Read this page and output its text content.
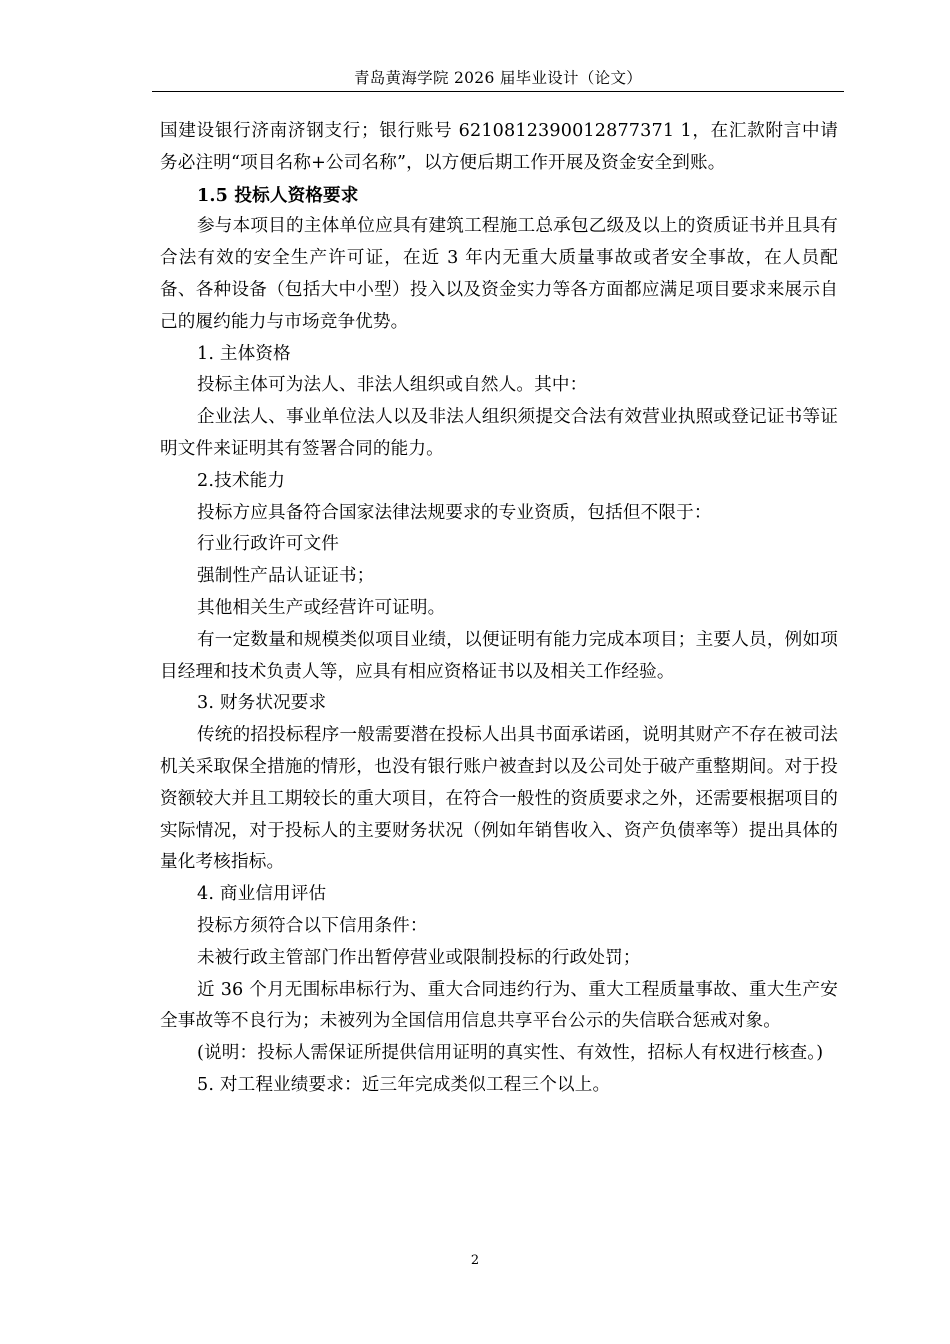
青岛黄海学院 2026 届毕业设计（论文）

国建设银行济南济钢支行；银行账号 6210812390012877371 1，在汇款附言中请务必注明“项目名称+公司名称”，以方便后期工作开展及资金安全到账。

1.5 投标人资格要求

参与本项目的主体单位应具有建筑工程施工总承包乙级及以上的资质证书并且具有合法有效的安全生产许可证，在近 3 年内无重大质量事故或者安全事故，在人员配备、各种设备（包括大中小型）投入以及资金实力等各方面都应满足项目要求来展示自己的履约能力与市场竞争优势。

1. 主体资格

投标主体可为法人、非法人组织或自然人。其中：

企业法人、事业单位法人以及非法人组织须提交合法有效营业执照或登记证书等证明文件来证明其有签署合同的能力。

2.技术能力

投标方应具备符合国家法律法规要求的专业资质，包括但不限于：

行业行政许可文件

强制性产品认证证书；

其他相关生产或经营许可证明。

有一定数量和规模类似项目业绩，以便证明有能力完成本项目；主要人员，例如项目经理和技术负责人等，应具有相应资格证书以及相关工作经验。

3. 财务状况要求

传统的招投标程序一般需要潜在投标人出具书面承诺函，说明其财产不存在被司法机关采取保全措施的情形，也没有银行账户被查封以及公司处于破产重整期间。对于投资额较大并且工期较长的重大项目，在符合一般性的资质要求之外，还需要根据项目的实际情况，对于投标人的主要财务状况（例如年销售收入、资产负债率等）提出具体的量化考核指标。

4. 商业信用评估

投标方须符合以下信用条件：

未被行政主管部门作出暂停营业或限制投标的行政处罚；

近 36 个月无围标串标行为、重大合同违约行为、重大工程质量事故、重大生产安全事故等不良行为；未被列为全国信用信息共享平台公示的失信联合惩戒对象。

(说明：投标人需保证所提供信用证明的真实性、有效性，招标人有权进行核查。)

5. 对工程业绩要求：近三年完成类似工程三个以上。

2
